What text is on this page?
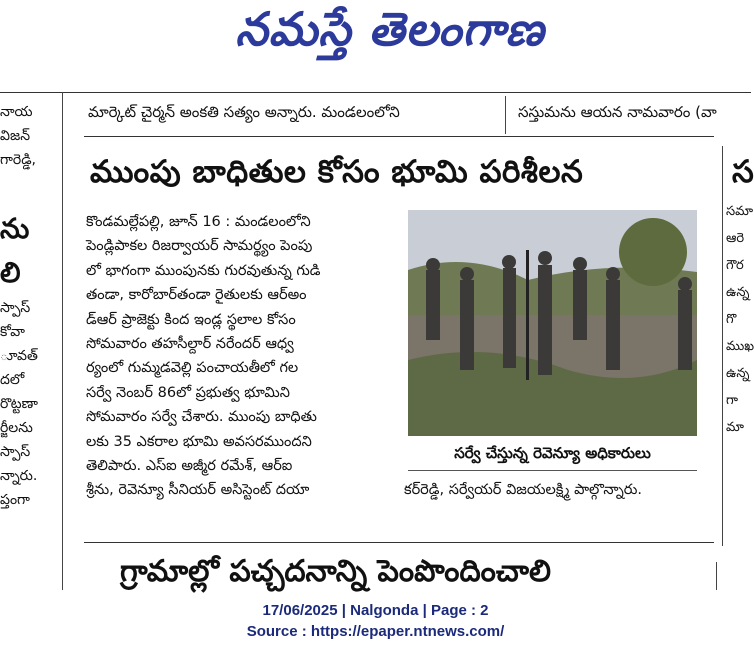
నమస్తే తెలంగాణ
మార్కెట్ చైర్మన్ అంకతి సత్యం అన్నారు. మండలంలోని	సస్తుమను ఆయన నామవారం (వా
నాయ
విజన్
గారెడ్డి,
ను
లి
స్పాస్
కోవా
ూవత్
దలో
రొట్టణా
ర్జీలను
స్పాస్
న్నారు.
ప్తంగా
ముంపు బాధితుల కోసం భూమి పరిశీలన
కొండమల్లేపల్లి, జూన్ 16 : మండలంలోని
పెండ్లిపాకల రిజర్వాయర్ సామర్థ్యం పెంపు
లో భాగంగా ముంపునకు గురవుతున్న గుడి
తండా, కారోబార్‌తండా రైతులకు ఆర్అం
డ్ఆర్ ప్రాజెక్టు కింద ఇండ్ల స్థలాల కోసం
సోమవారం తహసీల్దార్ నరేందర్ ఆధ్వ
ర్యంలో గుమ్మడవెల్లి పంచాయతీలో గల
సర్వే నెంబర్ 86లో ప్రభుత్వ భూమిని
సోమవారం సర్వే చేశారు. ముంపు బాధితు
లకు 35 ఎకరాల భూమి అవసరముందని
తెలిపారు. ఎస్ఐ అజ్మీర రమేశ్, ఆర్ఐ
శ్రీను, రెవెన్యూ సీనియర్ అసిస్టెంట్ దయా
సర్వే చేస్తున్న రెవెన్యూ అధికారులు
కర్‌రెడ్డి, సర్వేయర్ విజయలక్ష్మి పాల్గొన్నారు.
స
సమా
ఆరె
గౌర
ఉన్న
గొ
ముఖ
ఉన్న
గా
మా
గ్రామాల్లో పచ్చదనాన్ని పెంపొందించాలి
17/06/2025 | Nalgonda | Page : 2
Source : https://epaper.ntnews.com/
